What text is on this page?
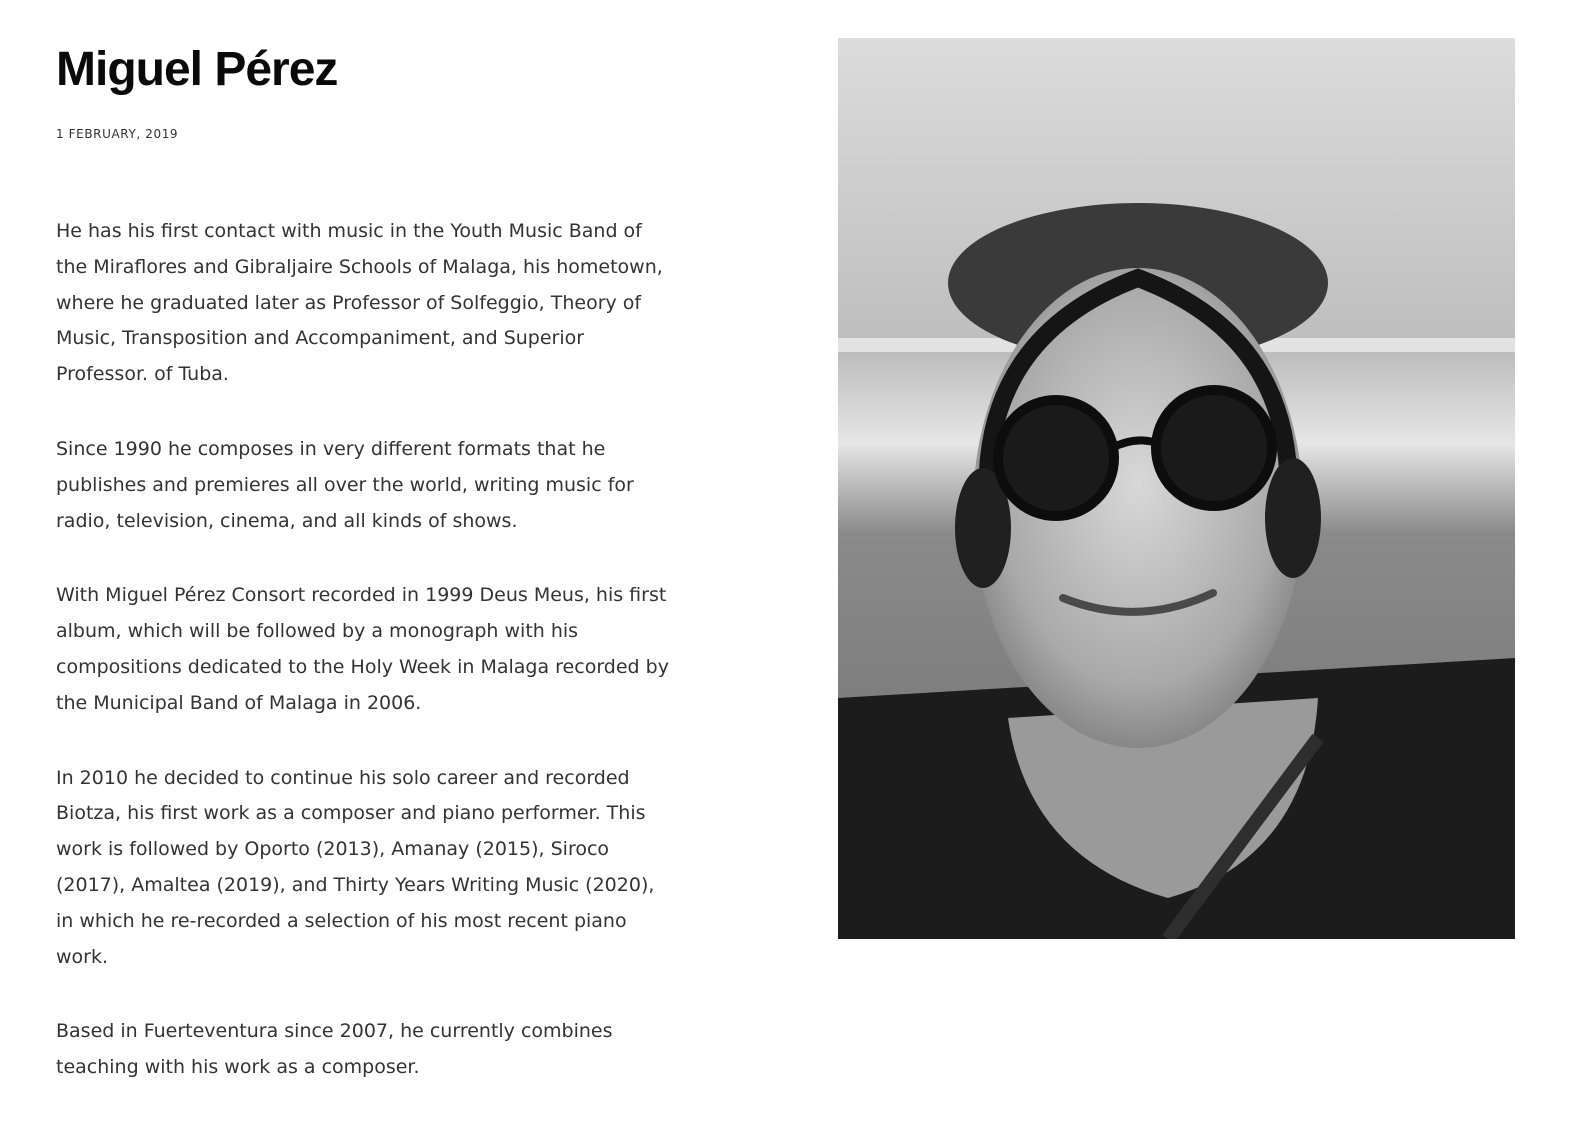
Miguel Pérez
1 FEBRUARY, 2019

He has his first contact with music in the Youth Music Band of the Miraflores and Gibraljaire Schools of Malaga, his hometown, where he graduated later as Professor of Solfeggio, Theory of Music, Transposition and Accompaniment, and Superior Professor. of Tuba.

Since 1990 he composes in very different formats that he publishes and premieres all over the world, writing music for radio, television, cinema, and all kinds of shows.

With Miguel Pérez Consort recorded in 1999 Deus Meus, his first album, which will be followed by a monograph with his compositions dedicated to the Holy Week in Malaga recorded by the Municipal Band of Malaga in 2006.

In 2010 he decided to continue his solo career and recorded Biotza, his first work as a composer and piano performer. This work is followed by Oporto (2013), Amanay (2015), Siroco (2017), Amaltea (2019), and Thirty Years Writing Music (2020), in which he re-recorded a selection of his most recent piano work.

Based in Fuerteventura since 2007, he currently combines teaching with his work as a composer.
